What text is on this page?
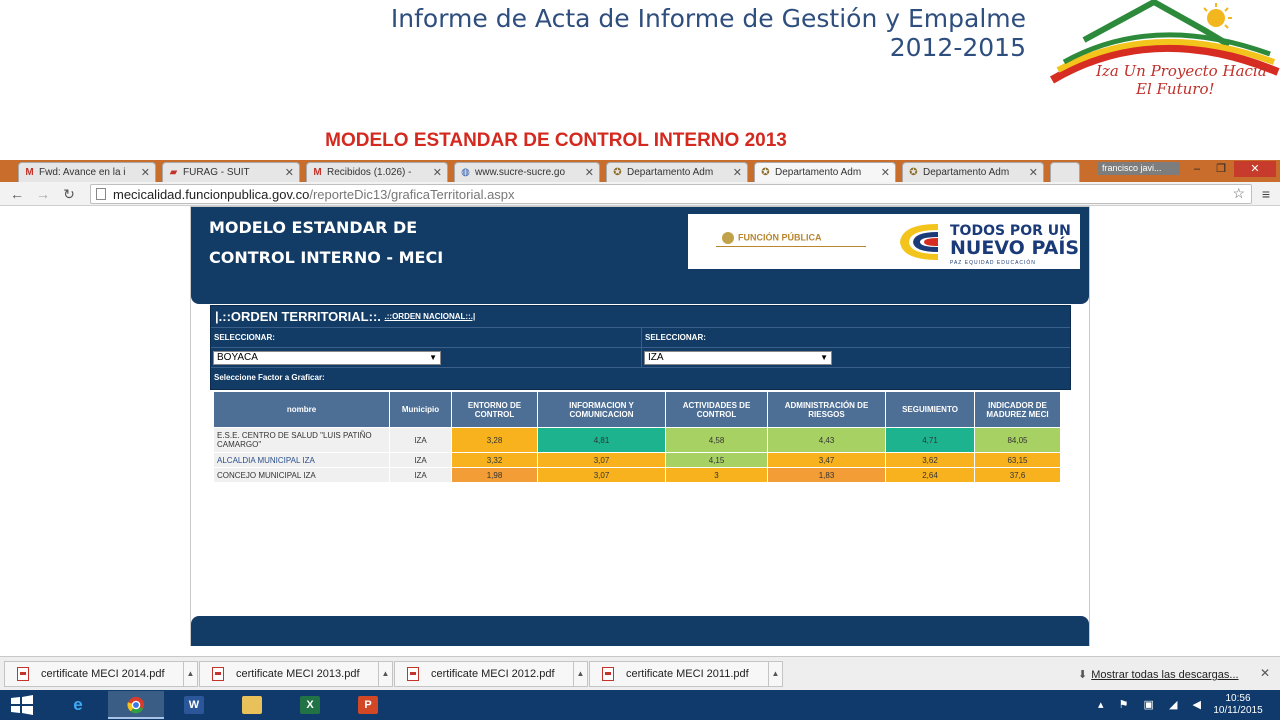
Informe de Acta de Informe de Gestión y Empalme
2012-2015
Iza Un Proyecto Hacia
El Futuro!
MODELO ESTANDAR DE CONTROL INTERNO 2013
M Fwd: Avance en la i	✕ ▰ FURAG - SUIT	✕ M Recibidos (1.026) -	✕ ◍ www.sucre-sucre.go	✕ ✪ Departamento Adm	✕ ✪ Departamento Adm	✕ ✪ Departamento Adm	✕	francisco javi...	‒	❐	✕
← → ↻	mecicalidad.funcionpublica.gov.co/reporteDic13/graficaTerritorial.aspx	☆ ≡
MODELO ESTANDAR DE
CONTROL INTERNO - MECI
FUNCIÓN PÚBLICA	TODOS POR UN
NUEVO PAÍS
PAZ EQUIDAD EDUCACIÓN
|.::ORDEN TERRITORIAL::. .::ORDEN NACIONAL::.|
SELECCIONAR:	SELECCIONAR:
BOYACA	▼	IZA	▼
Seleccione Factor a Graficar:
nombre	Municipio	ENTORNO DE CONTROL	INFORMACION Y COMUNICACION	ACTIVIDADES DE CONTROL	ADMINISTRACIÓN DE RIESGOS	SEGUIMIENTO	INDICADOR DE MADUREZ MECI
E.S.E. CENTRO DE SALUD "LUIS PATIÑO CAMARGO"	IZA	3,28	4,81	4,58	4,43	4,71	84,05
ALCALDIA MUNICIPAL IZA	IZA	3,32	3,07	4,15	3,47	3,62	63,15
CONCEJO MUNICIPAL IZA	IZA	1,98	3,07	3	1,83	2,64	37,6
certificate MECI 2014.pdf	▲	certificate MECI 2013.pdf	▲	certificate MECI 2012.pdf	▲	certificate MECI 2011.pdf	▲	⬇ Mostrar todas las descargas... ✕
e	W	X	P	▴ ⚑ ▣ ◢ ◀
10:56
10/11/2015
